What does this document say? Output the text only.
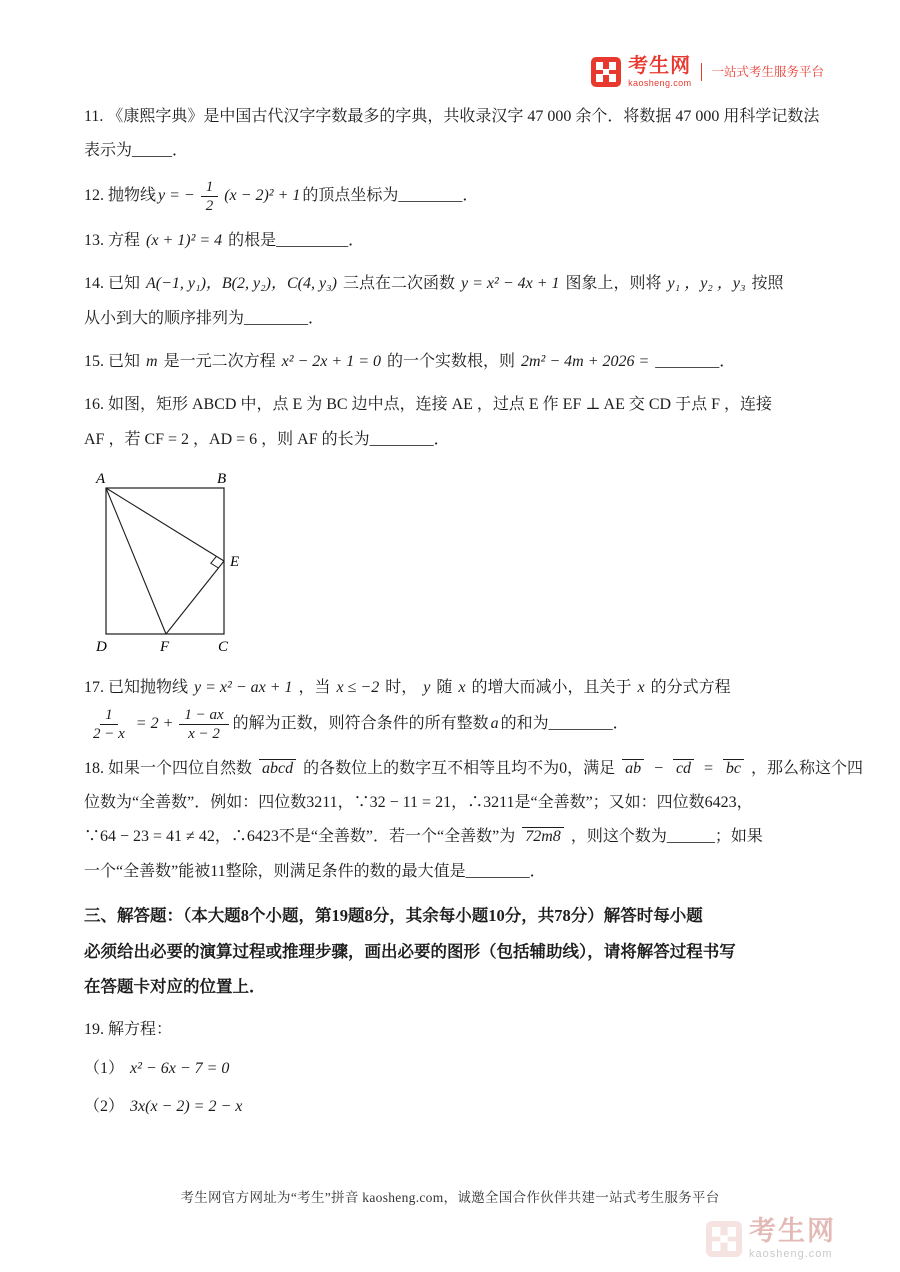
考生网
kaosheng.com
一站式考生服务平台
11. 《康熙字典》是中国古代汉字字数最多的字典，共收录汉字 47 000 余个．将数据 47 000 用科学记数法
表示为_____．
12. 抛物线 y = − $\frac{1}{2} (x - 2)^2 + 1$ 的顶点坐标为________．
13. 方程 (x + 1)² = 4 的根是_________．
14. 已知 A(−1, y₁)，B(2, y₂)，C(4, y₃) 三点在二次函数 y = x² − 4x + 1 图象上，则将 y₁ ，y₂ ，y₃ 按照
从小到大的顺序排列为________．
15. 已知 m 是一元二次方程 x² − 2x + 1 = 0 的一个实数根，则 2m² − 4m + 2026 = ________．
16. 如图，矩形 ABCD 中，点 E 为 BC 边中点，连接 AE ，过点 E 作 EF ⊥ AE 交 CD 于点 F ，连接
AF ，若 CF = 2 ，AD = 6 ，则 AF 的长为________．
A	B
E
D	F	C
17. 已知抛物线 y = x² − ax + 1 ，当 x ≤ −2 时， y 随 x 的增大而减小，且关于 x 的分式方程
$\frac{1}{2 - x} = 2 + \frac{1 - ax}{x - 2}$ 的解为正数，则符合条件的所有整数 a 的和为________．
18. 如果一个四位自然数 abcd 的各数位上的数字互不相等且均不为0，满足 ab − cd = bc ，那么称这个四
位数为“全善数”．例如：四位数3211，∵32 − 11 = 21，∴3211是“全善数”；又如：四位数6423，
∵64 − 23 = 41 ≠ 42，∴6423不是“全善数”．若一个“全善数”为 72m8 ，则这个数为______；如果
一个“全善数”能被11整除，则满足条件的数的最大值是________．
三、解答题：（本大题8个小题，第19题8分，其余每小题10分，共78分）解答时每小题
必须给出必要的演算过程或推理步骤，画出必要的图形（包括辅助线），请将解答过程书写
在答题卡对应的位置上．
19. 解方程：
（1） x² − 6x − 7 = 0
（2） 3x(x − 2) = 2 − x
考生网官方网址为“考生”拼音 kaosheng.com，诚邀全国合作伙伴共建一站式考生服务平台
考生网
kaosheng.com
